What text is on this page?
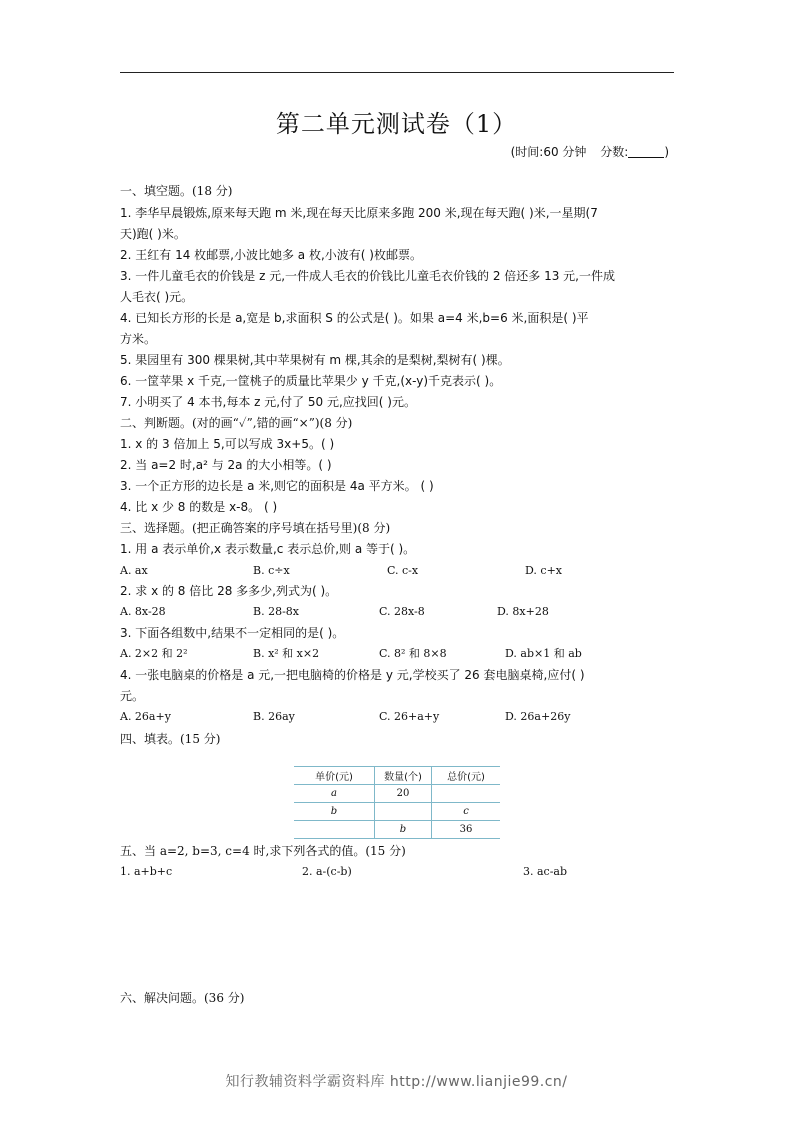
第二单元测试卷（1）
(时间:60 分钟 分数:	)
一、填空题。(18 分)
1. 李华早晨锻炼,原来每天跑 m 米,现在每天比原来多跑 200 米,现在每天跑( )米,一星期(7
天)跑( )米。
2. 王红有 14 枚邮票,小波比她多 a 枚,小波有( )枚邮票。
3. 一件儿童毛衣的价钱是 z 元,一件成人毛衣的价钱比儿童毛衣价钱的 2 倍还多 13 元,一件成
人毛衣( )元。
4. 已知长方形的长是 a,宽是 b,求面积 S 的公式是( )。如果 a=4 米,b=6 米,面积是( )平
方米。
5. 果园里有 300 棵果树,其中苹果树有 m 棵,其余的是梨树,梨树有( )棵。
6. 一筐苹果 x 千克,一筐桃子的质量比苹果少 y 千克,(x-y)千克表示( )。
7. 小明买了 4 本书,每本 z 元,付了 50 元,应找回( )元。
二、判断题。(对的画“✓”,错的画“×”)(8 分)
1. x 的 3 倍加上 5,可以写成 3x+5。( )
2. 当 a=2 时,a² 与 2a 的大小相等。( )
3. 一个正方形的边长是 a 米,则它的面积是 4a 平方米。 ( )
4. 比 x 少 8 的数是 x-8。 ( )
三、选择题。(把正确答案的序号填在括号里)(8 分)
1. 用 a 表示单价,x 表示数量,c 表示总价,则 a 等于( )。
A. ax	B. c÷x	C. c-x	D. c+x
2. 求 x 的 8 倍比 28 多多少,列式为( )。
A. 8x-28	B. 28-8x	C. 28x-8	D. 8x+28
3. 下面各组数中,结果不一定相同的是( )。
A. 2×2 和 2²	B. x² 和 x×2	C. 8² 和 8×8	D. ab×1 和 ab
4. 一张电脑桌的价格是 a 元,一把电脑椅的价格是 y 元,学校买了 26 套电脑桌椅,应付( )
元。
A. 26a+y	B. 26ay	C. 26+a+y	D. 26a+26y
四、填表。(15 分)
单价(元)	数量(个)	总价(元)
a	20	
b		c
	b	36
五、当 a=2, b=3, c=4 时,求下列各式的值。(15 分)
1. a+b+c	2. a-(c-b)	3. ac-ab
六、解决问题。(36 分)
知行教辅资料学霸资料库 http://www.lianjie99.cn/
